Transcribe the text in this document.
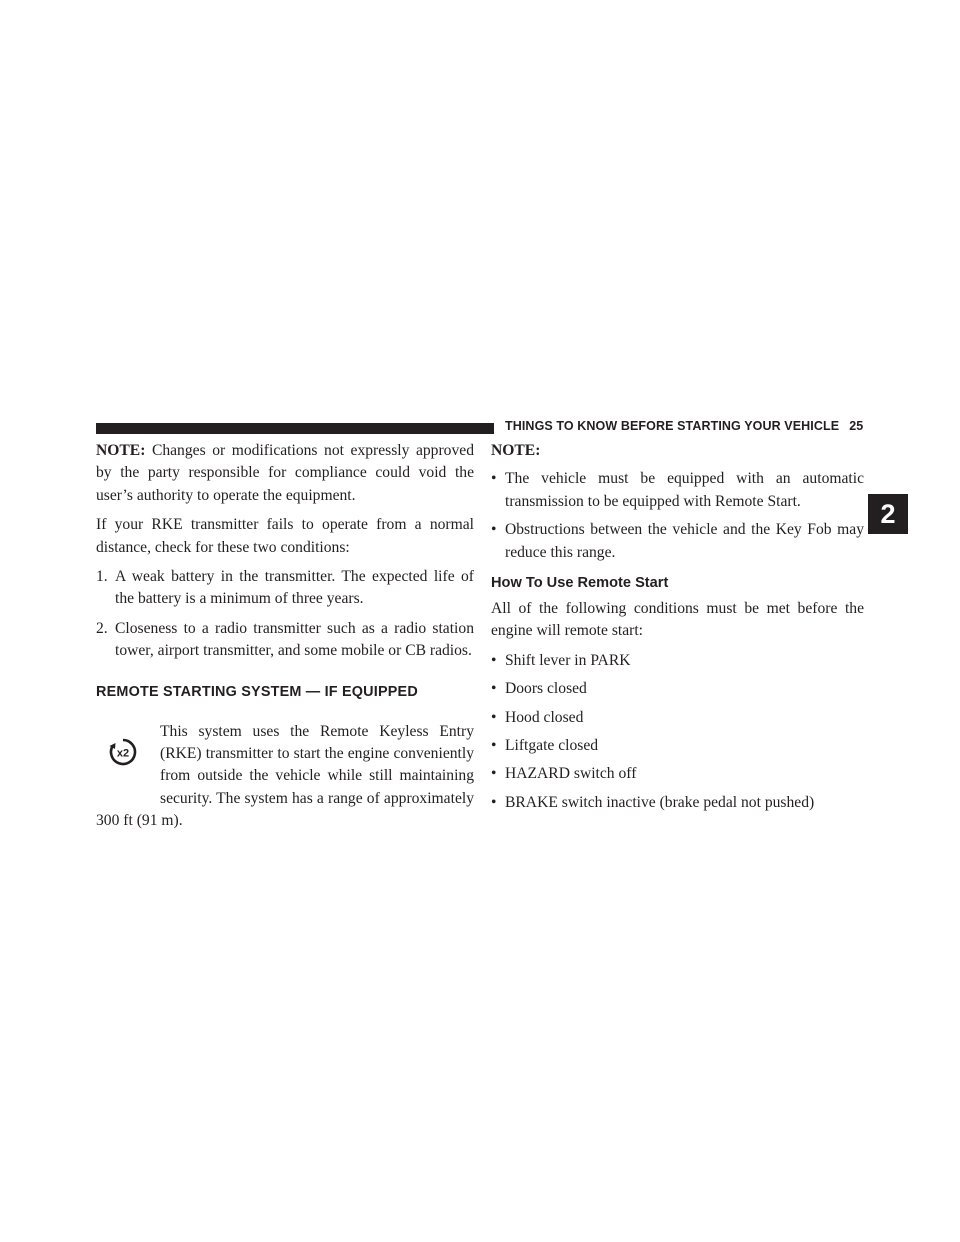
THINGS TO KNOW BEFORE STARTING YOUR VEHICLE 25
2

NOTE: Changes or modifications not expressly approved by the party responsible for compliance could void the user’s authority to operate the equipment.

If your RKE transmitter fails to operate from a normal distance, check for these two conditions:

1. A weak battery in the transmitter. The expected life of the battery is a minimum of three years.
2. Closeness to a radio transmitter such as a radio station tower, airport transmitter, and some mobile or CB radios.
REMOTE STARTING SYSTEM — IF EQUIPPED
x2

This system uses the Remote Keyless Entry (RKE) transmitter to start the engine conveniently from outside the vehicle while still maintaining security. The system has a range of approximately 300 ft (91 m).

NOTE:

• The vehicle must be equipped with an automatic transmission to be equipped with Remote Start.
• Obstructions between the vehicle and the Key Fob may reduce this range.
How To Use Remote Start

All of the following conditions must be met before the engine will remote start:

• Shift lever in PARK
• Doors closed
• Hood closed
• Liftgate closed
• HAZARD switch off
• BRAKE switch inactive (brake pedal not pushed)
